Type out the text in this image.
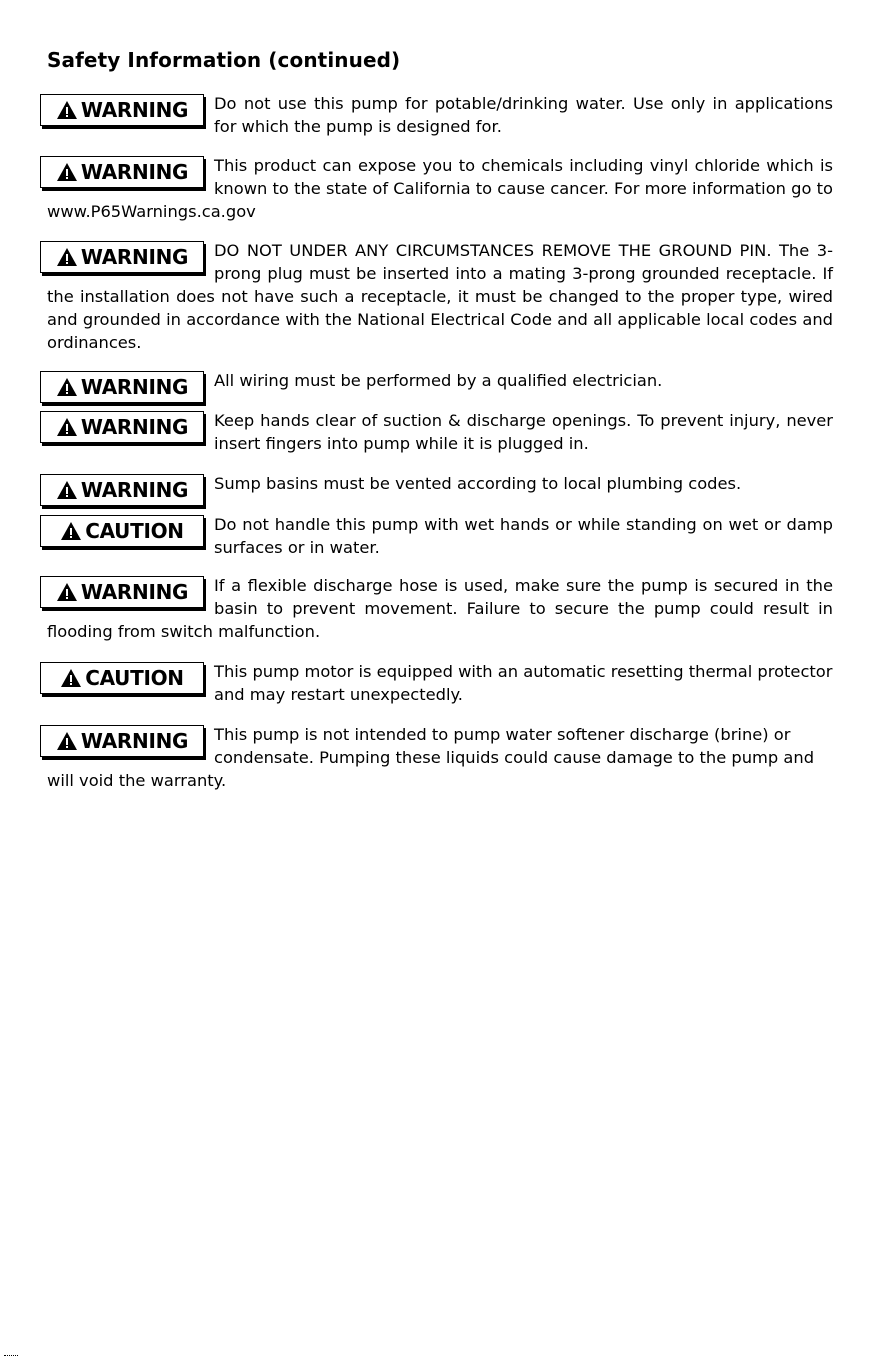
Safety Information (continued)
WARNING	Do not use this pump for potable/drinking water. Use only in applications for which the pump is designed for.
WARNING	This product can expose you to chemicals including vinyl chloride which is known to the state of California to cause cancer. For more information go to www.P65Warnings.ca.gov
WARNING	DO NOT UNDER ANY CIRCUMSTANCES REMOVE THE GROUND PIN. The 3-prong plug must be inserted into a mating 3-prong grounded receptacle. If the installation does not have such a receptacle, it must be changed to the proper type, wired and grounded in accordance with the National Electrical Code and all applicable local codes and ordinances.
WARNING	All wiring must be performed by a qualified electrician.
WARNING	Keep hands clear of suction & discharge openings. To prevent injury, never insert fingers into pump while it is plugged in.
WARNING	Sump basins must be vented according to local plumbing codes.
CAUTION	Do not handle this pump with wet hands or while standing on wet or damp surfaces or in water.
WARNING	If a flexible discharge hose is used, make sure the pump is secured in the basin to prevent movement. Failure to secure the pump could result in flooding from switch malfunction.
CAUTION	This pump motor is equipped with an automatic resetting thermal protector and may restart unexpectedly.
WARNING	This pump is not intended to pump water softener discharge (brine) or condensate. Pumping these liquids could cause damage to the pump and will void the warranty.
